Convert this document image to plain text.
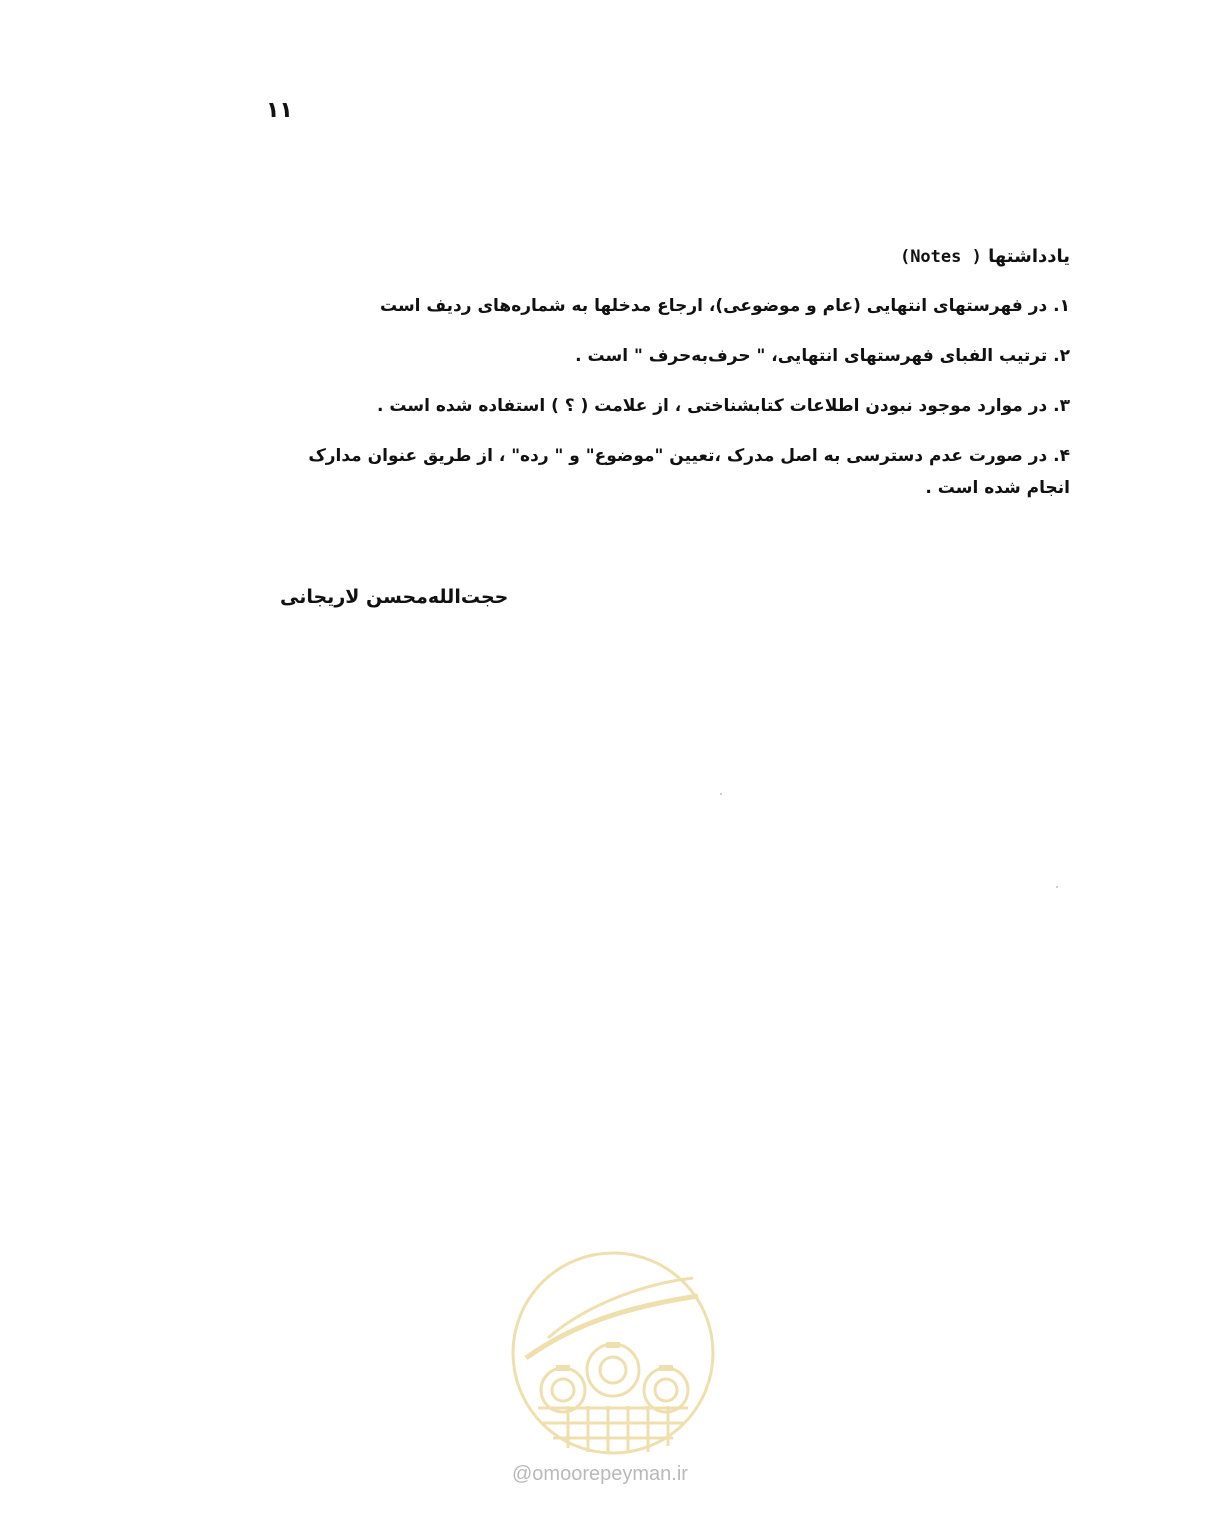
۱۱
یادداشتها ( Notes)

۱. در فهرستهای انتهایی (عام و موضوعی)، ارجاع مدخلها به شماره‌های ردیف است

۲. ترتیب الفبای فهرستهای انتهایی، " حرف‌به‌حرف " است .

۳. در موارد موجود نبودن اطلاعات کتابشناختی ، از علامت ( ؟ ) استفاده شده است .

۴. در صورت عدم دسترسی به اصل مدرک ،تعیین "موضوع" و " رده" ، از طریق عنوان مدارک انجام شده است .

حجت‌الله‌محسن لاریجانی
@omoorepeyman.ir
